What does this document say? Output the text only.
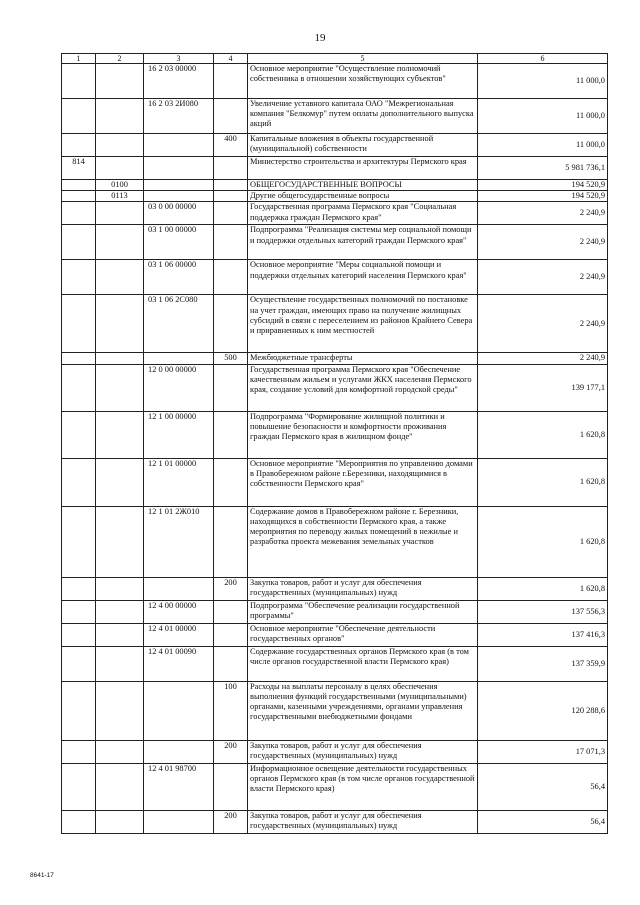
19
1	2	3	4	5	6
		16 2 03 00000		Основное мероприятие "Осуществление полномочий собственника в отношении хозяйствующих субъектов"	11 000,0
		16 2 03 2И080		Увеличение уставного капитала ОАО "Межрегиональная компания "Белкомур" путем оплаты дополнительного выпуска акций	11 000,0
			400	Капитальные вложения в объекты государственной (муниципальной) собственности	11 000,0
814				Министерство строительства и архитектуры Пермского края	5 981 736,1
	0100			ОБЩЕГОСУДАРСТВЕННЫЕ ВОПРОСЫ	194 520,9
	0113			Другие общегосударственные вопросы	194 520,9
		03 0 00 00000		Государственная программа Пермского края "Социальная поддержка граждан Пермского края"	2 240,9
		03 1 00 00000		Подпрограмма "Реализация системы мер социальной помощи и поддержки отдельных категорий граждан Пермского края"	2 240,9
		03 1 06 00000		Основное мероприятие "Меры социальной помощи и поддержки отдельных категорий населения Пермского края"	2 240,9
		03 1 06 2С080		Осуществление государственных полномочий по постановке на учет граждан, имеющих право на получение жилищных субсидий в связи с переселением из районов Крайнего Севера и приравненных к ним местностей	2 240,9
			500	Межбюджетные трансферты	2 240,9
		12 0 00 00000		Государственная программа Пермского края "Обеспечение качественным жильем и услугами ЖКХ населения Пермского края, создание условий для комфортной городской среды"	139 177,1
		12 1 00 00000		Подпрограмма "Формирование жилищной политики и повышение безопасности и комфортности проживания граждан Пермского края в жилищном фонде"	1 620,8
		12 1 01 00000		Основное мероприятие "Мероприятия по управлению домами в Правобережном районе г.Березники, находящимися в собственности Пермского края"	1 620,8
		12 1 01 2Ж010		Содержание домов в Правобережном районе г. Березники, находящихся в собственности Пермского края, а также мероприятия по переводу жилых помещений в нежилые и разработка проекта межевания земельных участков	1 620,8
			200	Закупка товаров, работ и услуг для обеспечения государственных (муниципальных) нужд	1 620,8
		12 4 00 00000		Подпрограмма "Обеспечение реализации государственной программы"	137 556,3
		12 4 01 00000		Основное мероприятие "Обеспечение деятельности государственных органов"	137 416,3
		12 4 01 00090		Содержание государственных органов Пермского края (в том числе органов государственной власти Пермского края)	137 359,9
			100	Расходы на выплаты персоналу в целях обеспечения выполнения функций государственными (муниципальными) органами, казенными учреждениями, органами управления государственными внебюджетными фондами	120 288,6
			200	Закупка товаров, работ и услуг для обеспечения государственных (муниципальных) нужд	17 071,3
		12 4 01 98700		Информационное освещение деятельности государственных органов Пермского края (в том числе органов государственной власти Пермского края)	56,4
			200	Закупка товаров, работ и услуг для обеспечения государственных (муниципальных) нужд	56,4
8641-17
